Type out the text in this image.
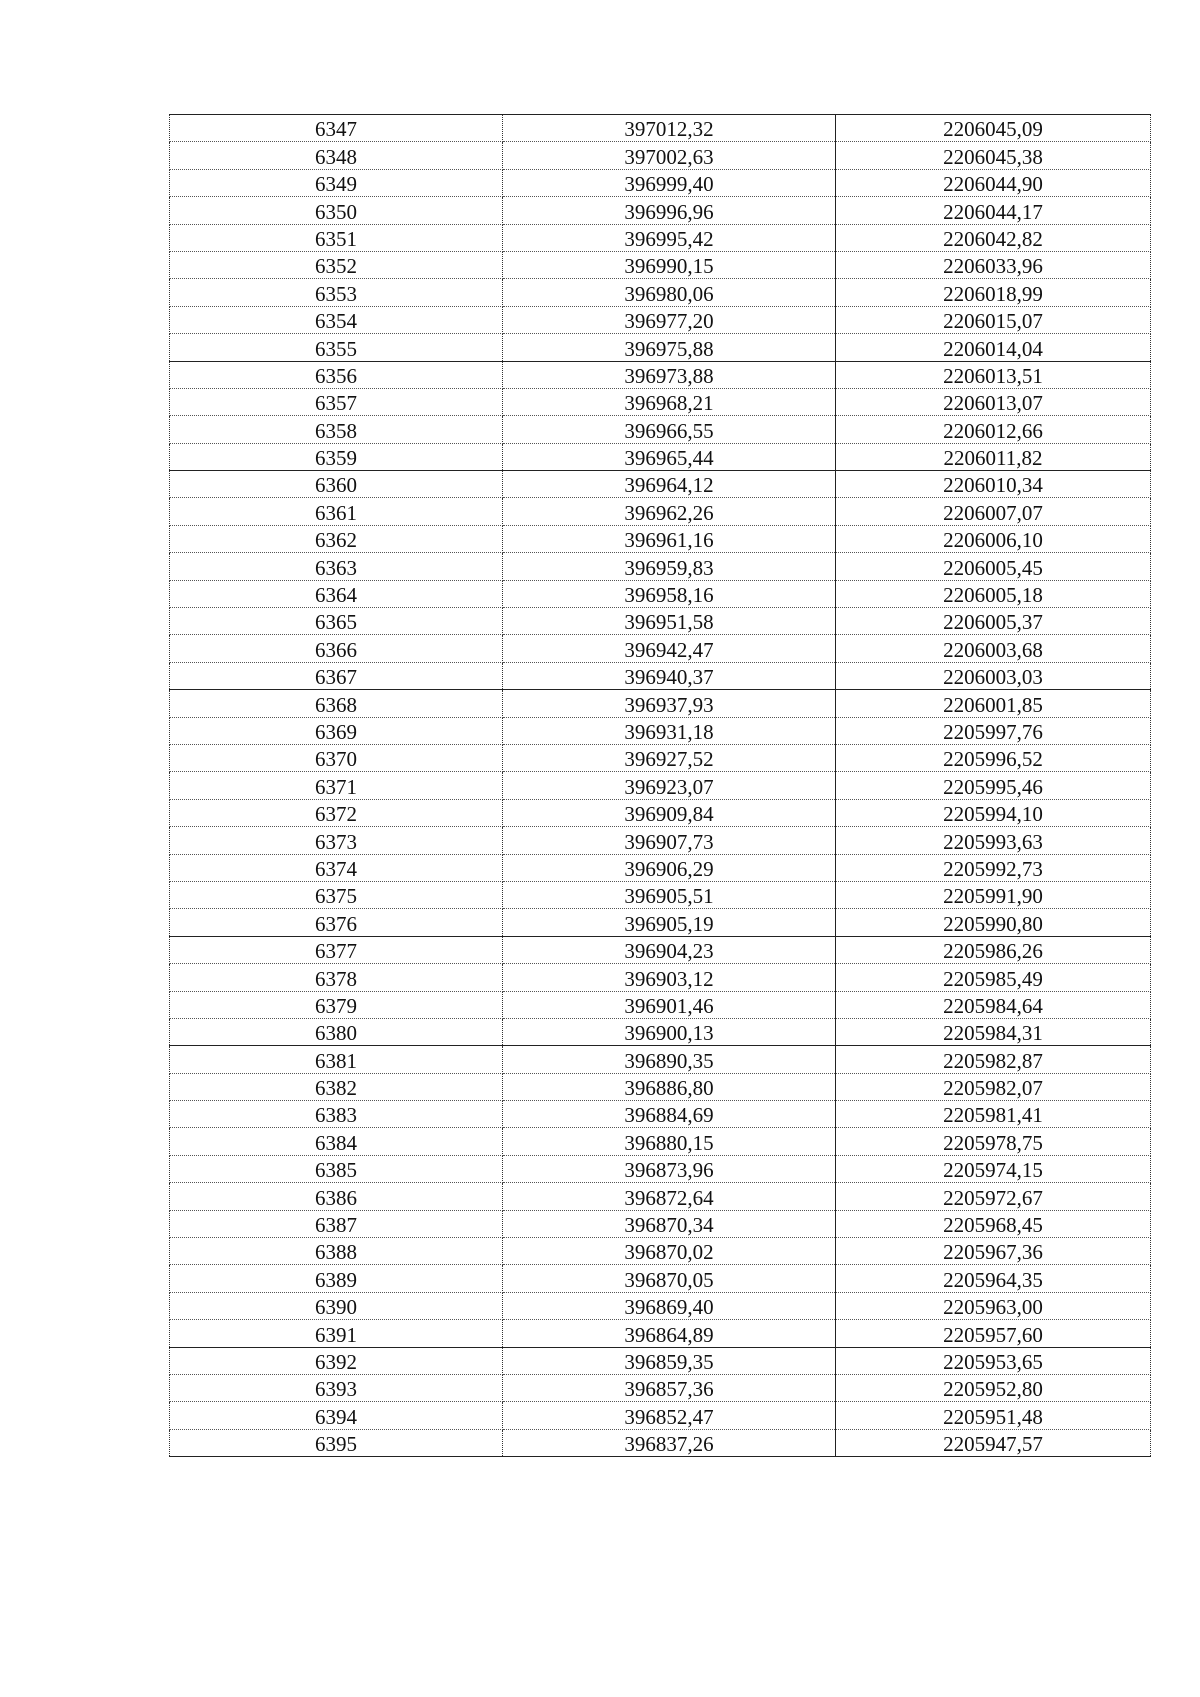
6347	397012,32	2206045,09
6348	397002,63	2206045,38
6349	396999,40	2206044,90
6350	396996,96	2206044,17
6351	396995,42	2206042,82
6352	396990,15	2206033,96
6353	396980,06	2206018,99
6354	396977,20	2206015,07
6355	396975,88	2206014,04
6356	396973,88	2206013,51
6357	396968,21	2206013,07
6358	396966,55	2206012,66
6359	396965,44	2206011,82
6360	396964,12	2206010,34
6361	396962,26	2206007,07
6362	396961,16	2206006,10
6363	396959,83	2206005,45
6364	396958,16	2206005,18
6365	396951,58	2206005,37
6366	396942,47	2206003,68
6367	396940,37	2206003,03
6368	396937,93	2206001,85
6369	396931,18	2205997,76
6370	396927,52	2205996,52
6371	396923,07	2205995,46
6372	396909,84	2205994,10
6373	396907,73	2205993,63
6374	396906,29	2205992,73
6375	396905,51	2205991,90
6376	396905,19	2205990,80
6377	396904,23	2205986,26
6378	396903,12	2205985,49
6379	396901,46	2205984,64
6380	396900,13	2205984,31
6381	396890,35	2205982,87
6382	396886,80	2205982,07
6383	396884,69	2205981,41
6384	396880,15	2205978,75
6385	396873,96	2205974,15
6386	396872,64	2205972,67
6387	396870,34	2205968,45
6388	396870,02	2205967,36
6389	396870,05	2205964,35
6390	396869,40	2205963,00
6391	396864,89	2205957,60
6392	396859,35	2205953,65
6393	396857,36	2205952,80
6394	396852,47	2205951,48
6395	396837,26	2205947,57
